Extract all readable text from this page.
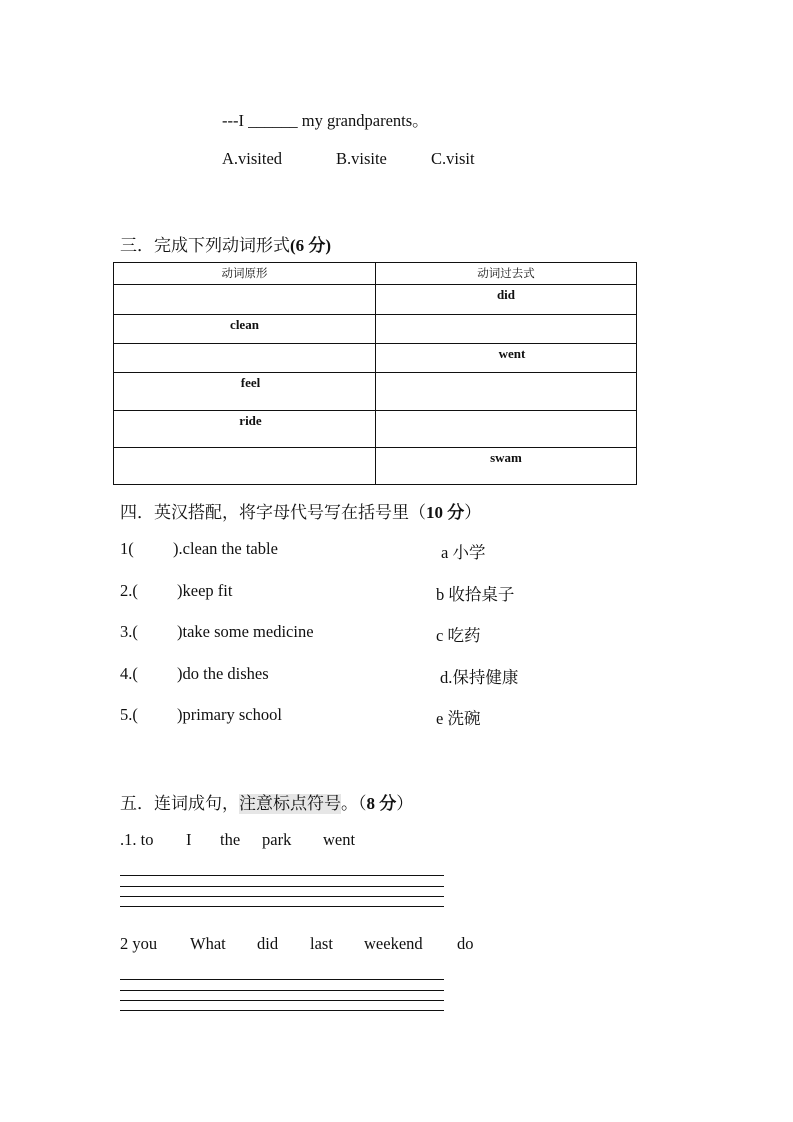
---I ______ my grandparents。
A.visited	B.visite	C.visit
三．完成下列动词形式(6 分)
动词原形	动词过去式
	did
clean	
	went
feel	
ride	
	swam
四．英汉搭配，将字母代号写在括号里（10 分）
1( ).clean the table	a 小学
2.( )keep fit	b 收拾桌子
3.( )take some medicine	c 吃药
4.( )do the dishes	d.保持健康
5.( )primary school	e 洗碗
五．连词成句，注意标点符号。（8 分）
.1. to I the park went
2 you What did last weekend do
